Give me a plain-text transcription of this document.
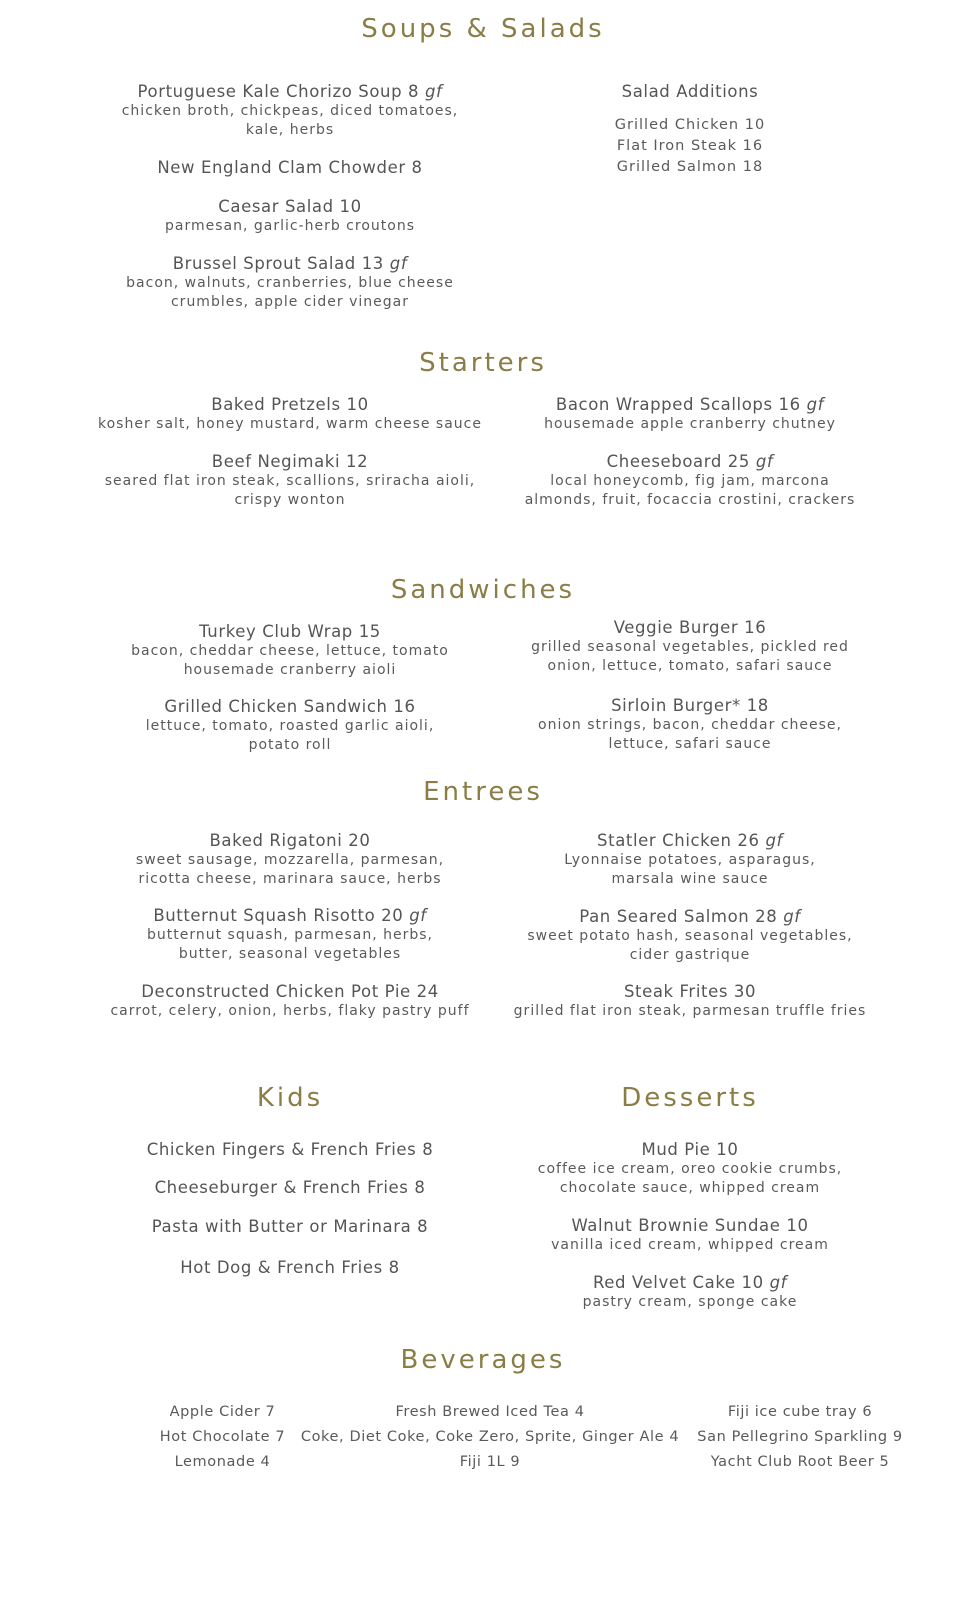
Soups & Salads
Portuguese Kale Chorizo Soup 8 gf
chicken broth, chickpeas, diced tomatoes,
kale, herbs
New England Clam Chowder 8
Caesar Salad 10
parmesan, garlic-herb croutons
Brussel Sprout Salad 13 gf
bacon, walnuts, cranberries, blue cheese
crumbles, apple cider vinegar
Salad Additions
Grilled Chicken 10
Flat Iron Steak 16
Grilled Salmon 18
Starters
Baked Pretzels 10
kosher salt, honey mustard, warm cheese sauce
Bacon Wrapped Scallops 16 gf
housemade apple cranberry chutney
Beef Negimaki 12
seared flat iron steak, scallions, sriracha aioli,
crispy wonton
Cheeseboard 25 gf
local honeycomb, fig jam, marcona
almonds, fruit, focaccia crostini, crackers
Sandwiches
Turkey Club Wrap 15
bacon, cheddar cheese, lettuce, tomato
housemade cranberry aioli
Veggie Burger 16
grilled seasonal vegetables, pickled red
onion, lettuce, tomato, safari sauce
Grilled Chicken Sandwich 16
lettuce, tomato, roasted garlic aioli,
potato roll
Sirloin Burger* 18
onion strings, bacon, cheddar cheese,
lettuce, safari sauce
Entrees
Baked Rigatoni 20
sweet sausage, mozzarella, parmesan,
ricotta cheese, marinara sauce, herbs
Statler Chicken 26 gf
Lyonnaise potatoes, asparagus,
marsala wine sauce
Butternut Squash Risotto 20 gf
butternut squash, parmesan, herbs,
butter, seasonal vegetables
Pan Seared Salmon 28 gf
sweet potato hash, seasonal vegetables,
cider gastrique
Deconstructed Chicken Pot Pie 24
carrot, celery, onion, herbs, flaky pastry puff
Steak Frites 30
grilled flat iron steak, parmesan truffle fries
Kids
Chicken Fingers & French Fries 8
Cheeseburger & French Fries 8
Pasta with Butter or Marinara 8
Hot Dog & French Fries 8
Desserts
Mud Pie 10
coffee ice cream, oreo cookie crumbs,
chocolate sauce, whipped cream
Walnut Brownie Sundae 10
vanilla iced cream, whipped cream
Red Velvet Cake 10 gf
pastry cream, sponge cake
Beverages
Apple Cider 7
Hot Chocolate 7
Lemonade 4
Fresh Brewed Iced Tea 4
Coke, Diet Coke, Coke Zero, Sprite, Ginger Ale 4
Fiji 1L 9
Fiji ice cube tray 6
San Pellegrino Sparkling 9
Yacht Club Root Beer 5
